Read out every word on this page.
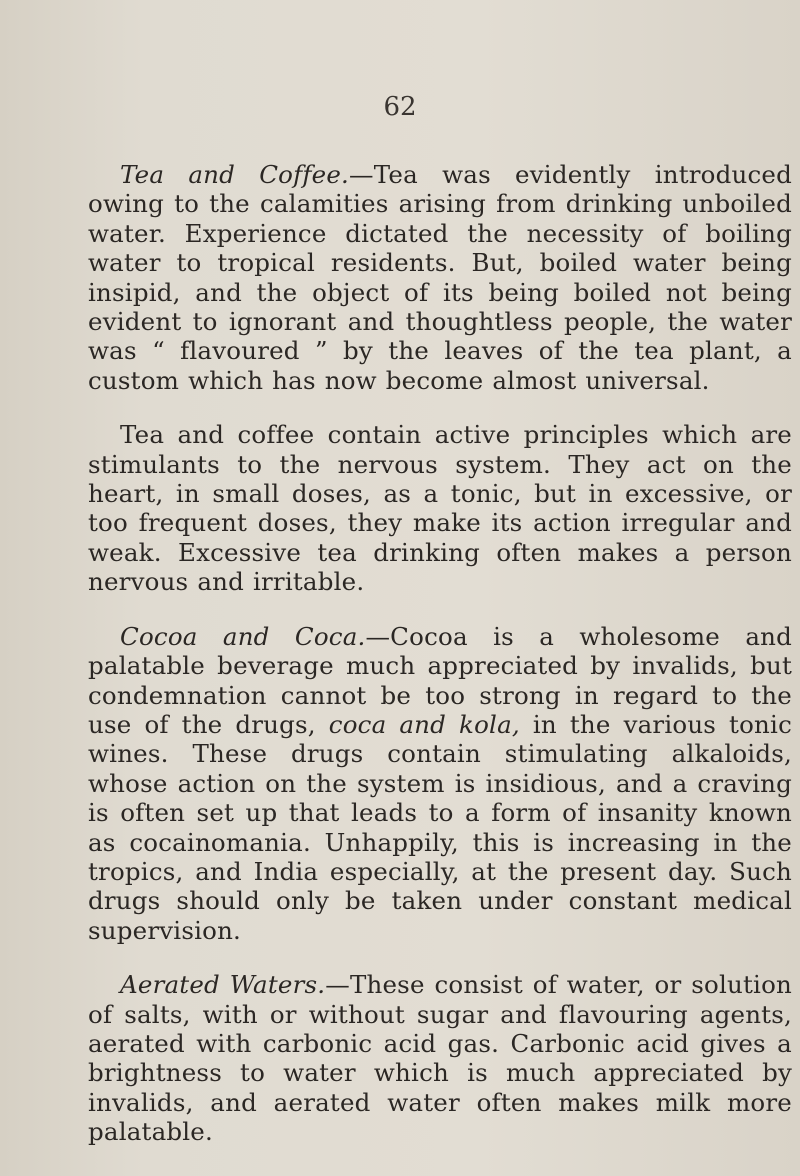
62

Tea and Coffee.—Tea was evidently introduced owing to the calamities arising from drinking unboiled water. Experience dictated the necessity of boiling water to tropical residents. But, boiled water being insipid, and the object of its being boiled not being evident to ignorant and thoughtless people, the water was “ flavoured ” by the leaves of the tea plant, a custom which has now become almost universal.

Tea and coffee contain active principles which are stimulants to the nervous system. They act on the heart, in small doses, as a tonic, but in excessive, or too frequent doses, they make its action irregular and weak. Excessive tea drinking often makes a person nervous and irritable.

Cocoa and Coca.—Cocoa is a wholesome and palatable beverage much appreciated by invalids, but condemnation cannot be too strong in regard to the use of the drugs, coca and kola, in the various tonic wines. These drugs contain stimulating alkaloids, whose action on the system is insidious, and a craving is often set up that leads to a form of insanity known as cocainomania. Unhappily, this is increasing in the tropics, and India especially, at the present day. Such drugs should only be taken under constant medical supervision.

Aerated Waters.—These consist of water, or solution of salts, with or without sugar and flavouring agents, aerated with carbonic acid gas. Carbonic acid gives a brightness to water which is much appreciated by invalids, and aerated water often makes milk more palatable.
